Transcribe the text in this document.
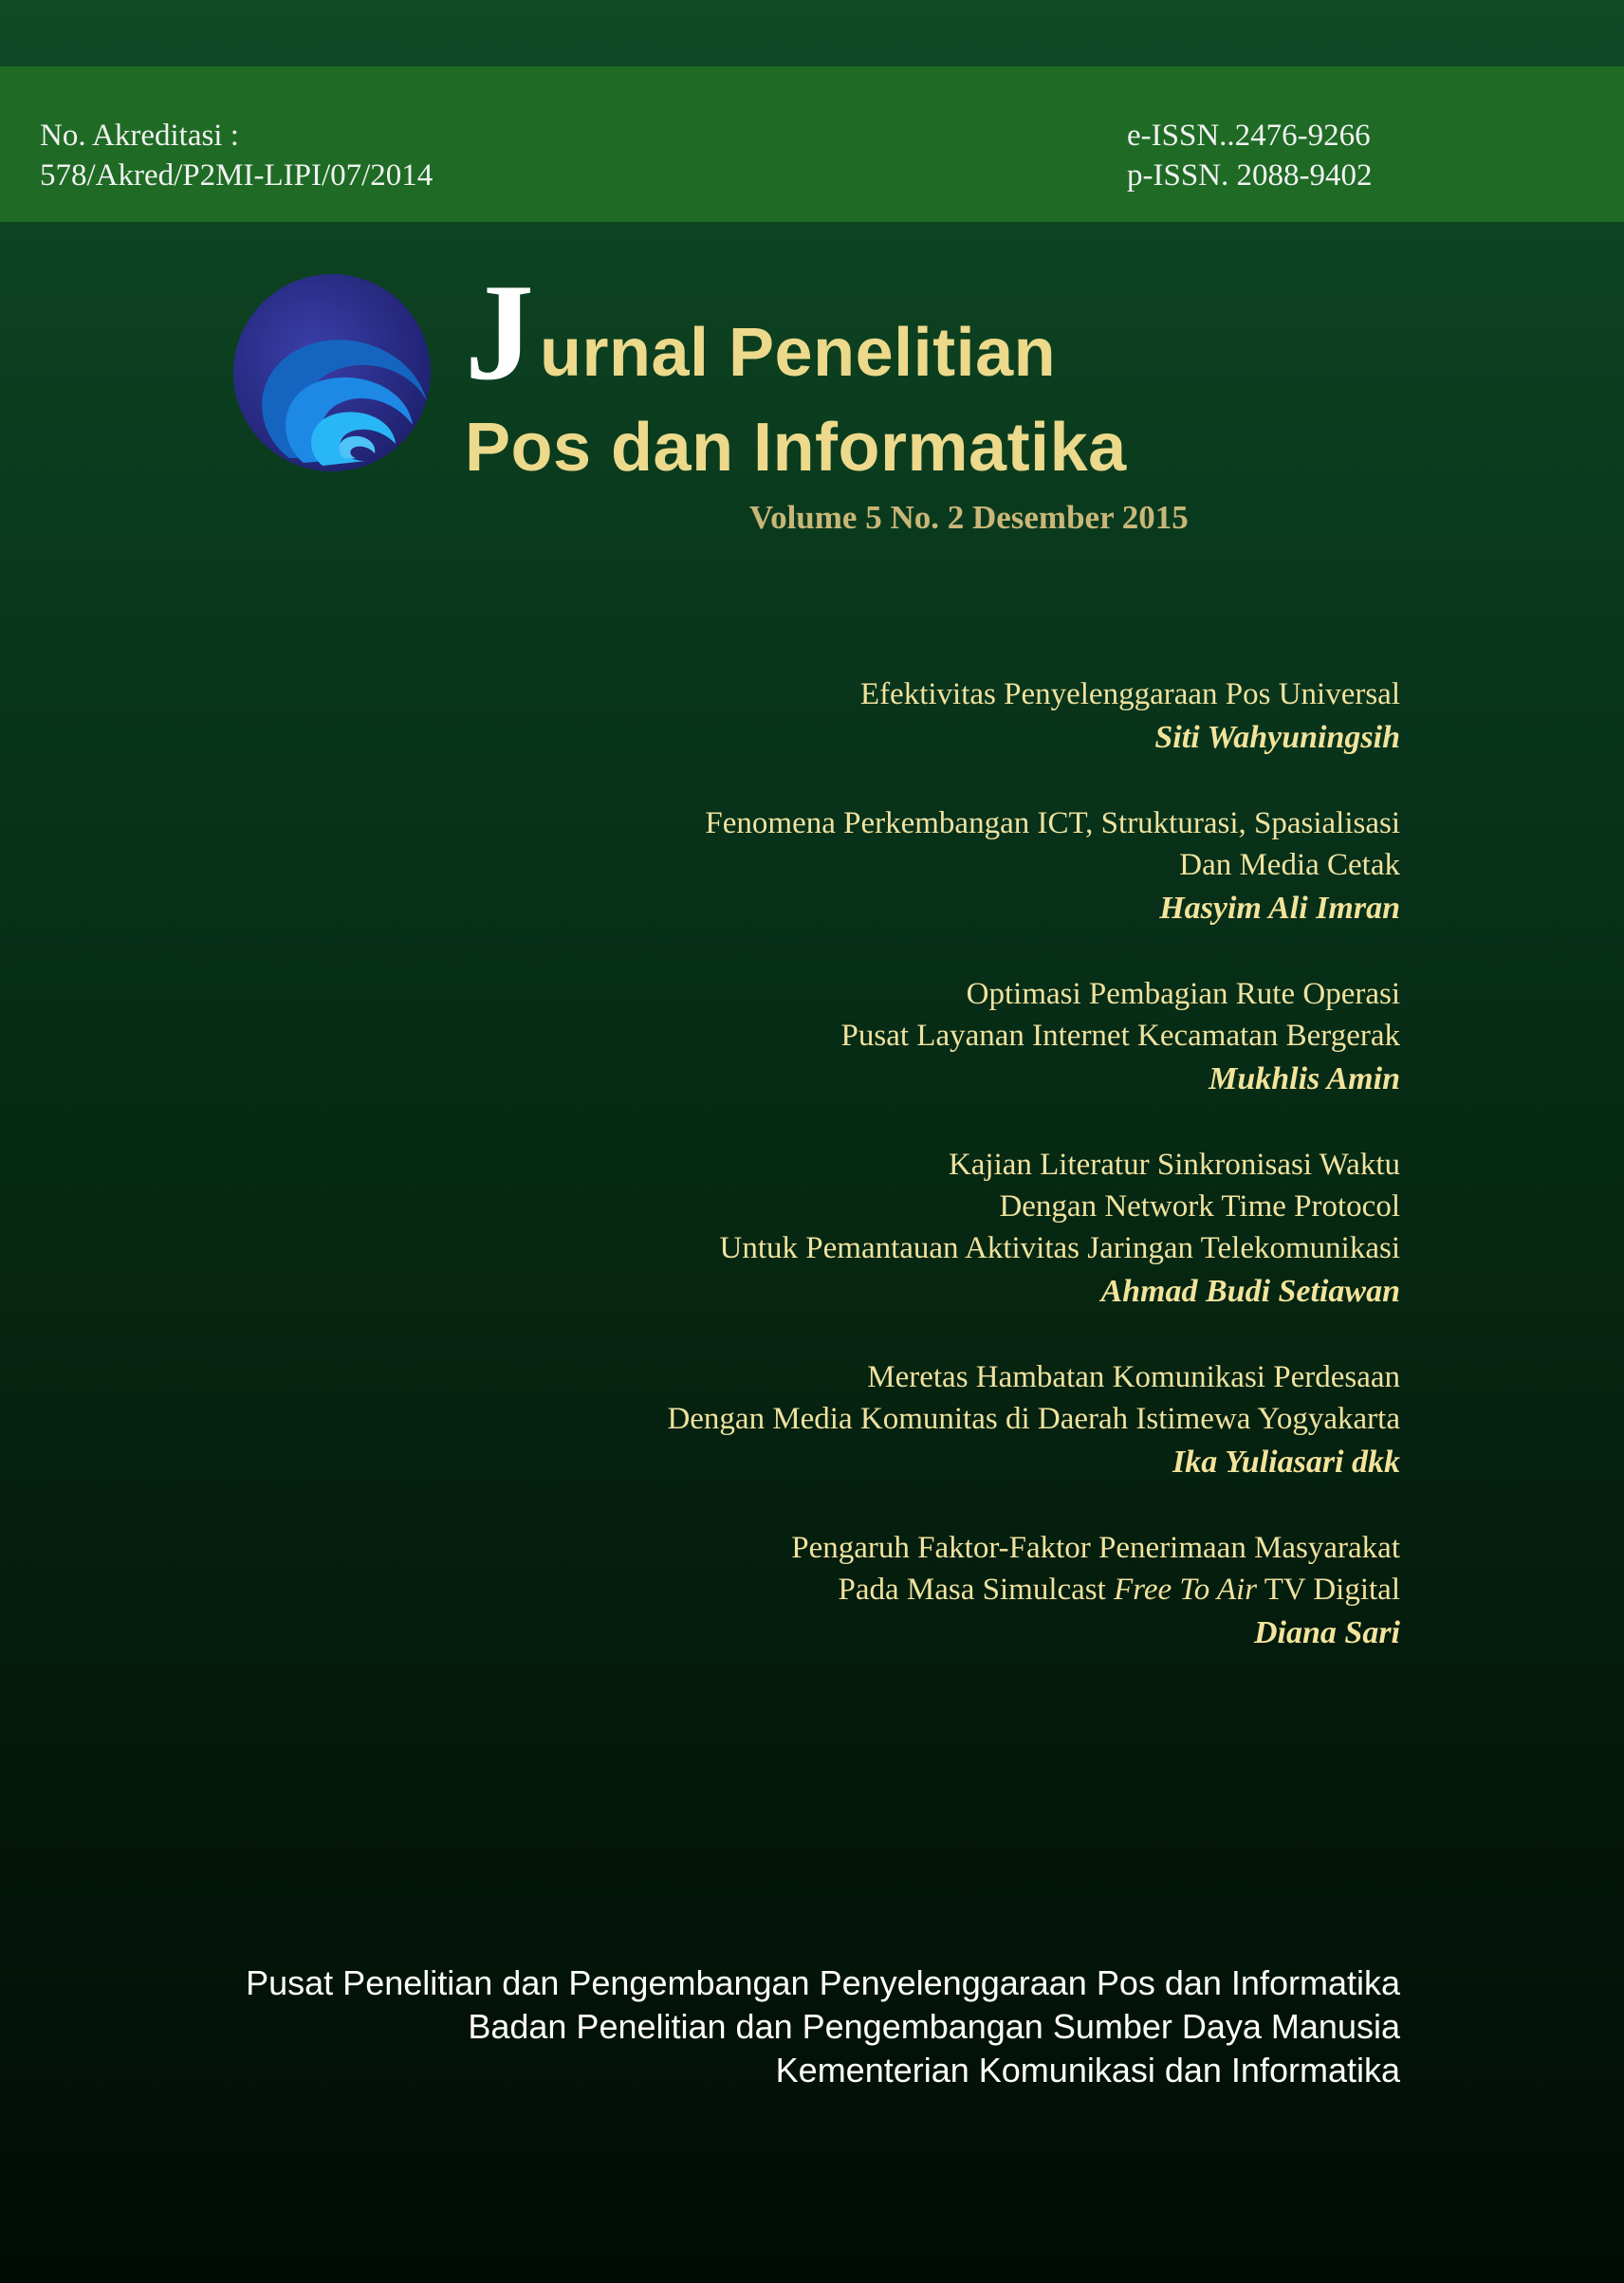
No. Akreditasi :
578/Akred/P2MI-LIPI/07/2014
e-ISSN..2476-9266
p-ISSN. 2088-9402
Jurnal Penelitian
Pos dan Informatika
Volume 5 No. 2 Desember 2015
Efektivitas Penyelenggaraan Pos Universal
Siti Wahyuningsih
Fenomena Perkembangan ICT, Strukturasi, Spasialisasi
Dan Media Cetak
Hasyim Ali Imran
Optimasi Pembagian Rute Operasi
Pusat Layanan Internet Kecamatan Bergerak
Mukhlis Amin
Kajian Literatur Sinkronisasi Waktu
Dengan Network Time Protocol
Untuk Pemantauan Aktivitas Jaringan Telekomunikasi
Ahmad Budi Setiawan
Meretas Hambatan Komunikasi Perdesaan
Dengan Media Komunitas di Daerah Istimewa Yogyakarta
Ika Yuliasari dkk
Pengaruh Faktor-Faktor Penerimaan Masyarakat
Pada Masa Simulcast Free To Air TV Digital
Diana Sari
Pusat Penelitian dan Pengembangan Penyelenggaraan Pos dan Informatika
Badan Penelitian dan Pengembangan Sumber Daya Manusia
Kementerian Komunikasi dan Informatika
